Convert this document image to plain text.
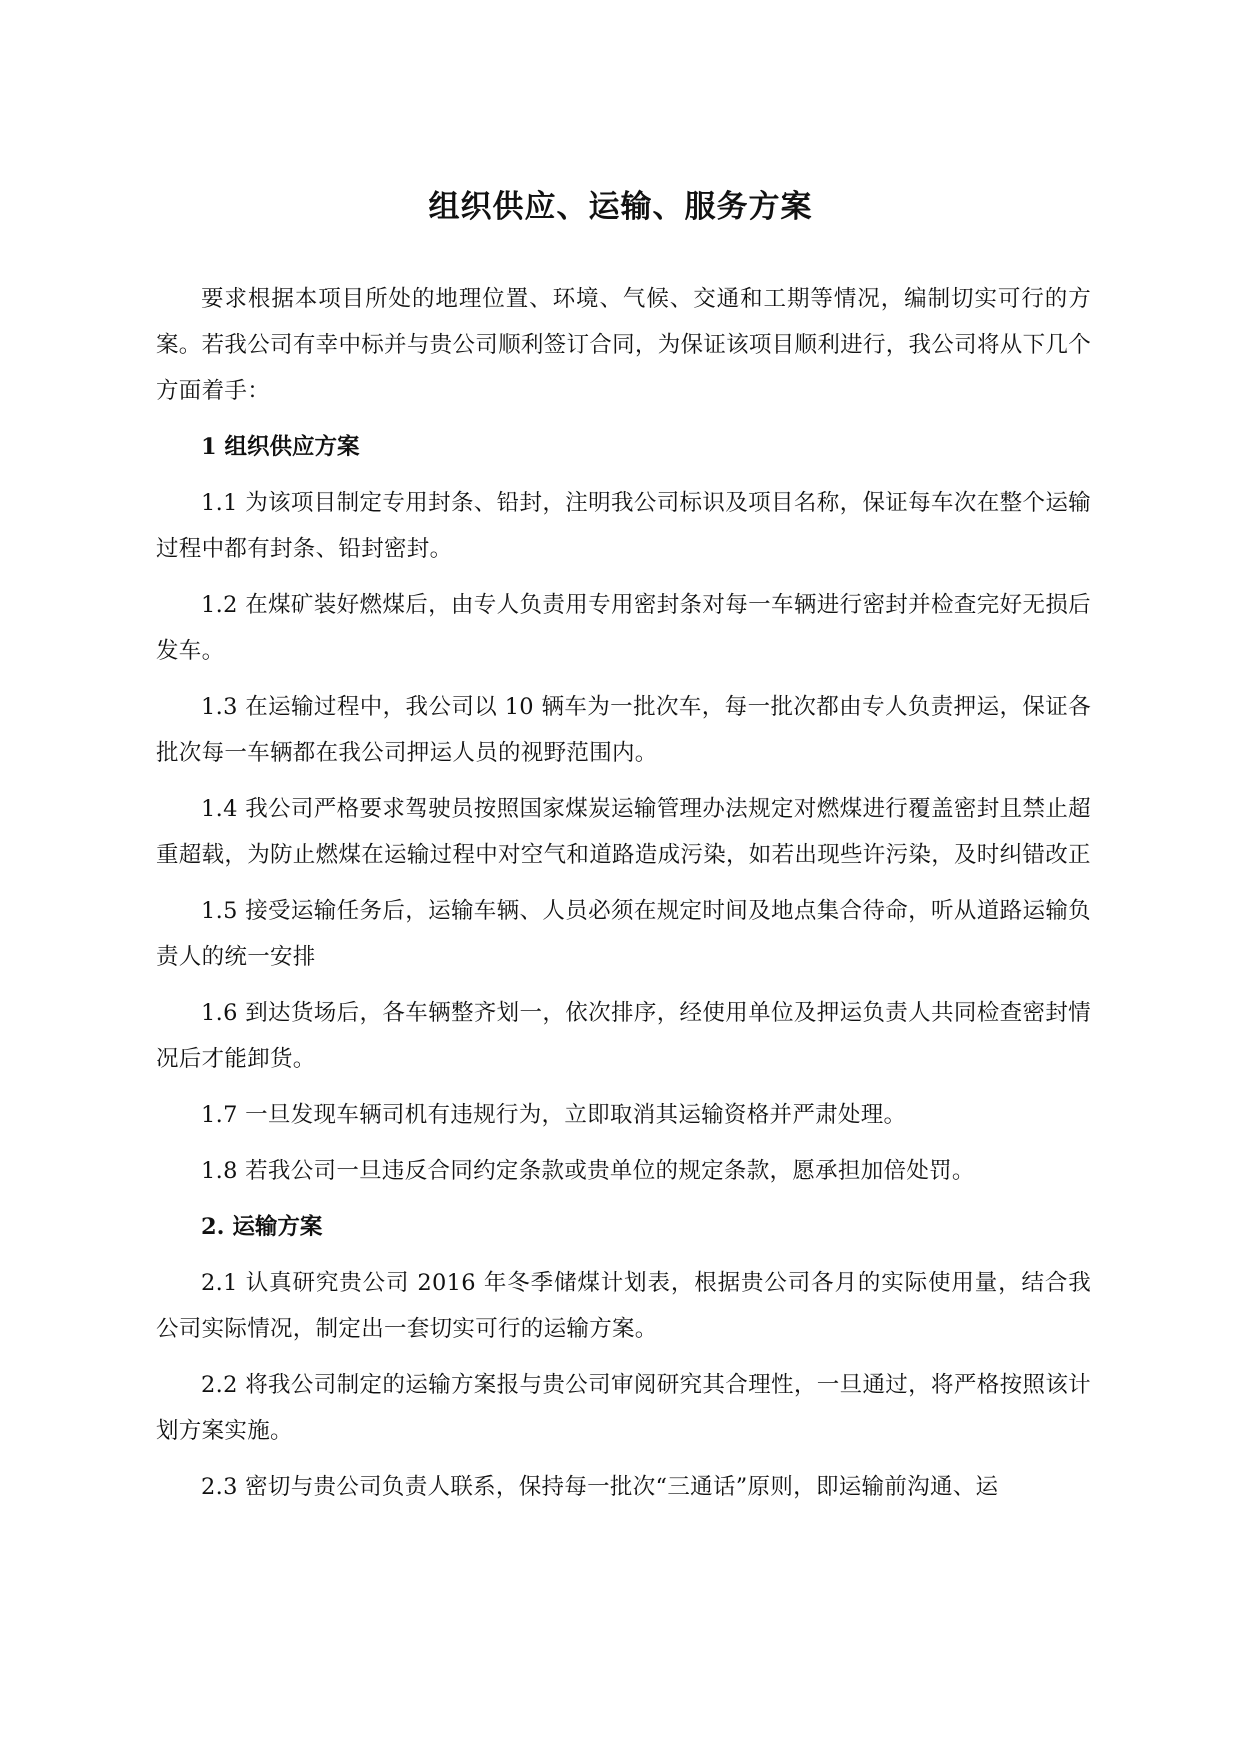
组织供应、运输、服务方案

要求根据本项目所处的地理位置、环境、气候、交通和工期等情况，编制切实可行的方案。若我公司有幸中标并与贵公司顺利签订合同，为保证该项目顺利进行，我公司将从下几个方面着手：

1 组织供应方案

1.1 为该项目制定专用封条、铅封，注明我公司标识及项目名称，保证每车次在整个运输过程中都有封条、铅封密封。

1.2 在煤矿装好燃煤后，由专人负责用专用密封条对每一车辆进行密封并检查完好无损后发车。

1.3 在运输过程中，我公司以 10 辆车为一批次车，每一批次都由专人负责押运，保证各批次每一车辆都在我公司押运人员的视野范围内。

1.4 我公司严格要求驾驶员按照国家煤炭运输管理办法规定对燃煤进行覆盖密封且禁止超重超载，为防止燃煤在运输过程中对空气和道路造成污染，如若出现些许污染，及时纠错改正

1.5 接受运输任务后，运输车辆、人员必须在规定时间及地点集合待命，听从道路运输负责人的统一安排

1.6 到达货场后，各车辆整齐划一，依次排序，经使用单位及押运负责人共同检查密封情况后才能卸货。

1.7 一旦发现车辆司机有违规行为，立即取消其运输资格并严肃处理。

1.8 若我公司一旦违反合同约定条款或贵单位的规定条款，愿承担加倍处罚。

2. 运输方案

2.1 认真研究贵公司 2016 年冬季储煤计划表，根据贵公司各月的实际使用量，结合我公司实际情况，制定出一套切实可行的运输方案。

2.2 将我公司制定的运输方案报与贵公司审阅研究其合理性，一旦通过，将严格按照该计划方案实施。

2.3 密切与贵公司负责人联系，保持每一批次“三通话”原则，即运输前沟通、运
